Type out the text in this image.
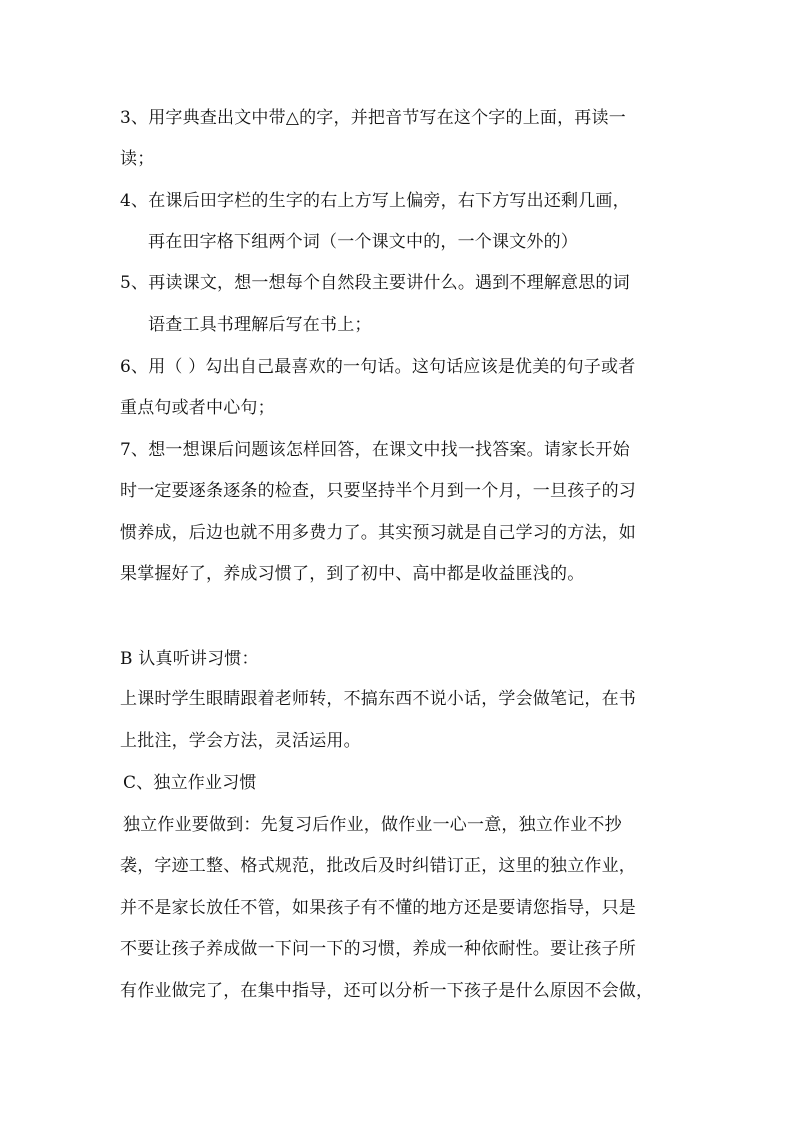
3、用字典查出文中带△的字，并把音节写在这个字的上面，再读一
读；
4、在课后田字栏的生字的右上方写上偏旁，右下方写出还剩几画，
再在田字格下组两个词（一个课文中的，一个课文外的）
5、再读课文，想一想每个自然段主要讲什么。遇到不理解意思的词
语查工具书理解后写在书上；
6、用（ ）勾出自己最喜欢的一句话。这句话应该是优美的句子或者
重点句或者中心句；
7、想一想课后问题该怎样回答，在课文中找一找答案。请家长开始
时一定要逐条逐条的检查，只要坚持半个月到一个月，一旦孩子的习
惯养成，后边也就不用多费力了。其实预习就是自己学习的方法，如
果掌握好了，养成习惯了，到了初中、高中都是收益匪浅的。
B 认真听讲习惯：
上课时学生眼睛跟着老师转，不搞东西不说小话，学会做笔记，在书
上批注，学会方法，灵活运用。
C、独立作业习惯
独立作业要做到：先复习后作业，做作业一心一意，独立作业不抄
袭，字迹工整、格式规范，批改后及时纠错订正，这里的独立作业，
并不是家长放任不管，如果孩子有不懂的地方还是要请您指导，只是
不要让孩子养成做一下问一下的习惯，养成一种依耐性。要让孩子所
有作业做完了，在集中指导，还可以分析一下孩子是什么原因不会做，
